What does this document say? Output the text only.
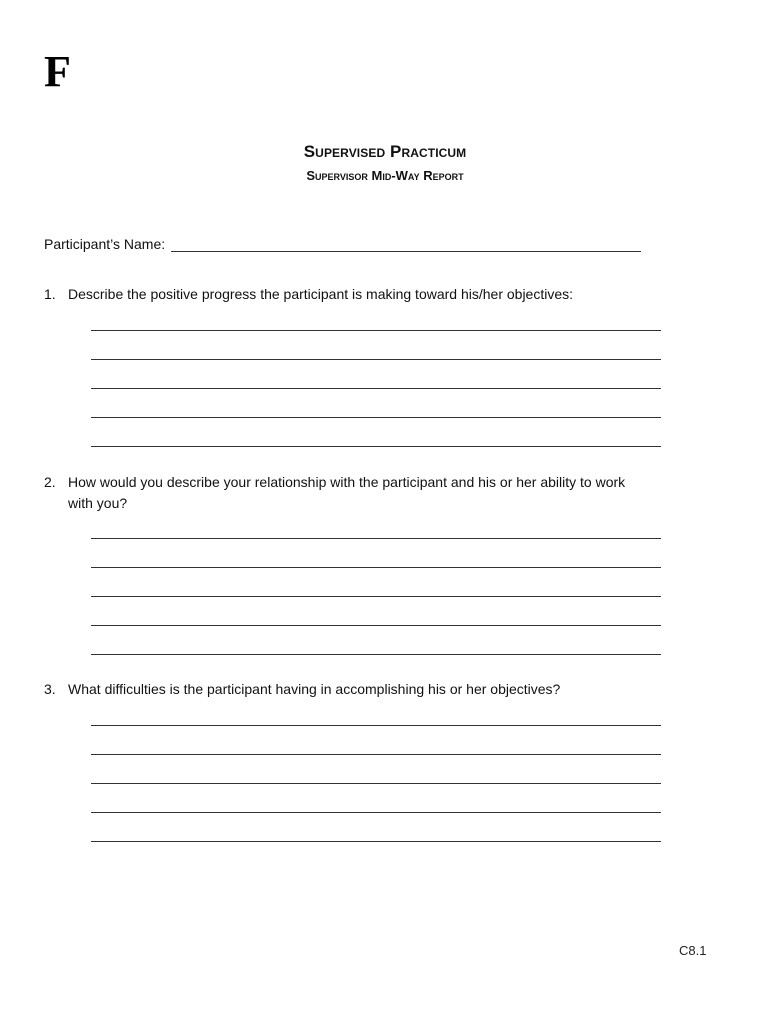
F
Supervised Practicum
Supervisor Mid-Way Report
Participant’s Name:
1. Describe the positive progress the participant is making toward his/her objectives:
2. How would you describe your relationship with the participant and his or her ability to work with you?
3. What difficulties is the participant having in accomplishing his or her objectives?
C8.1
